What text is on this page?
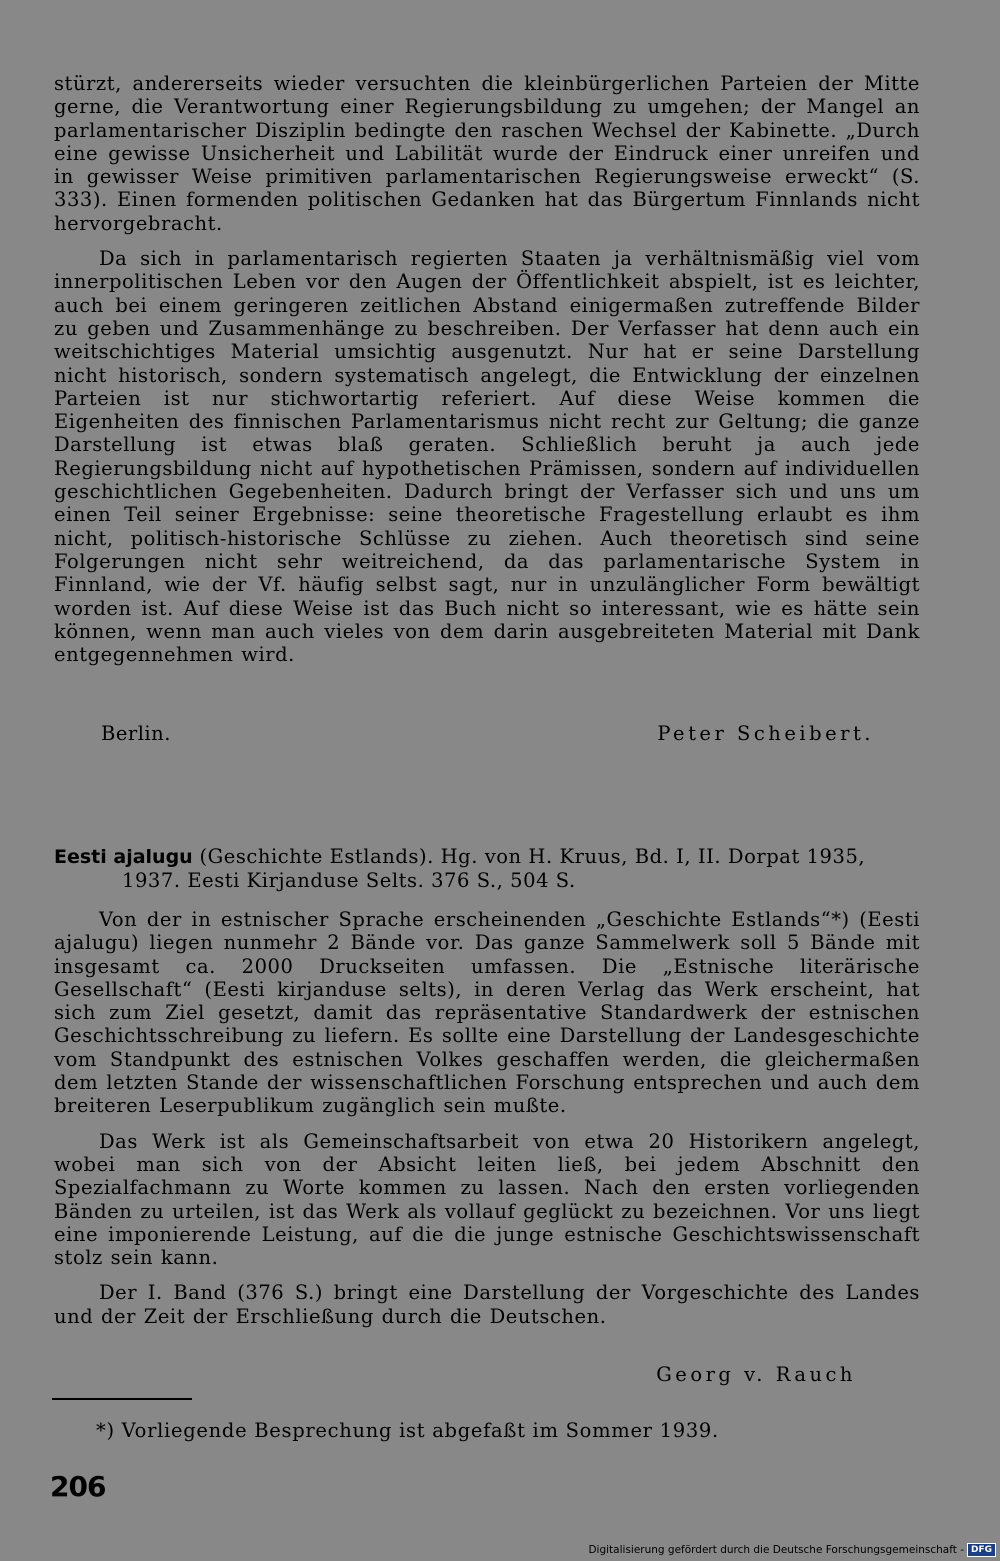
stürzt, andererseits wieder versuchten die kleinbürgerlichen Parteien der Mitte gerne, die Verantwortung einer Regierungsbildung zu umgehen; der Mangel an parlamentarischer Disziplin bedingte den raschen Wechsel der Kabinette. „Durch eine gewisse Unsicherheit und Labilität wurde der Eindruck einer unreifen und in gewisser Weise primitiven parlamentarischen Regierungsweise erweckt“ (S. 333). Einen formenden politischen Gedanken hat das Bürgertum Finnlands nicht hervorgebracht.

Da sich in parlamentarisch regierten Staaten ja verhältnismäßig viel vom innerpolitischen Leben vor den Augen der Öffentlichkeit abspielt, ist es leichter, auch bei einem geringeren zeitlichen Abstand einigermaßen zutreffende Bilder zu geben und Zusammenhänge zu beschreiben. Der Verfasser hat denn auch ein weitschichtiges Material umsichtig ausgenutzt. Nur hat er seine Darstellung nicht historisch, sondern systematisch angelegt, die Entwicklung der einzelnen Parteien ist nur stichwortartig referiert. Auf diese Weise kommen die Eigenheiten des finnischen Parlamentarismus nicht recht zur Geltung; die ganze Darstellung ist etwas blaß geraten. Schließlich beruht ja auch jede Regierungsbildung nicht auf hypothetischen Prämissen, sondern auf individuellen geschichtlichen Gegebenheiten. Dadurch bringt der Verfasser sich und uns um einen Teil seiner Ergebnisse: seine theoretische Fragestellung erlaubt es ihm nicht, politisch-historische Schlüsse zu ziehen. Auch theoretisch sind seine Folgerungen nicht sehr weitreichend, da das parlamentarische System in Finnland, wie der Vf. häufig selbst sagt, nur in unzulänglicher Form bewältigt worden ist. Auf diese Weise ist das Buch nicht so interessant, wie es hätte sein können, wenn man auch vieles von dem darin ausgebreiteten Material mit Dank entgegennehmen wird.

Berlin.	Peter Scheibert.

Eesti ajalugu (Geschichte Estlands). Hg. von H. Kruus, Bd. I, II. Dorpat 1935, 1937. Eesti Kirjanduse Selts. 376 S., 504 S.

Von der in estnischer Sprache erscheinenden „Geschichte Estlands“*) (Eesti ajalugu) liegen nunmehr 2 Bände vor. Das ganze Sammelwerk soll 5 Bände mit insgesamt ca. 2000 Druckseiten umfassen. Die „Estnische literärische Gesellschaft“ (Eesti kirjanduse selts), in deren Verlag das Werk erscheint, hat sich zum Ziel gesetzt, damit das repräsentative Standardwerk der estnischen Geschichtsschreibung zu liefern. Es sollte eine Darstellung der Landesgeschichte vom Standpunkt des estnischen Volkes geschaffen werden, die gleichermaßen dem letzten Stande der wissenschaftlichen Forschung entsprechen und auch dem breiteren Leserpublikum zugänglich sein mußte.

Das Werk ist als Gemeinschaftsarbeit von etwa 20 Historikern angelegt, wobei man sich von der Absicht leiten ließ, bei jedem Abschnitt den Spezialfachmann zu Worte kommen zu lassen. Nach den ersten vorliegenden Bänden zu urteilen, ist das Werk als vollauf geglückt zu bezeichnen. Vor uns liegt eine imponierende Leistung, auf die die junge estnische Geschichtswissenschaft stolz sein kann.

Der I. Band (376 S.) bringt eine Darstellung der Vorgeschichte des Landes und der Zeit der Erschließung durch die Deutschen.

Georg v. Rauch
*) Vorliegende Besprechung ist abgefaßt im Sommer 1939.
206
Digitalisierung gefördert durch die Deutsche Forschungsgemeinschaft - DFG
